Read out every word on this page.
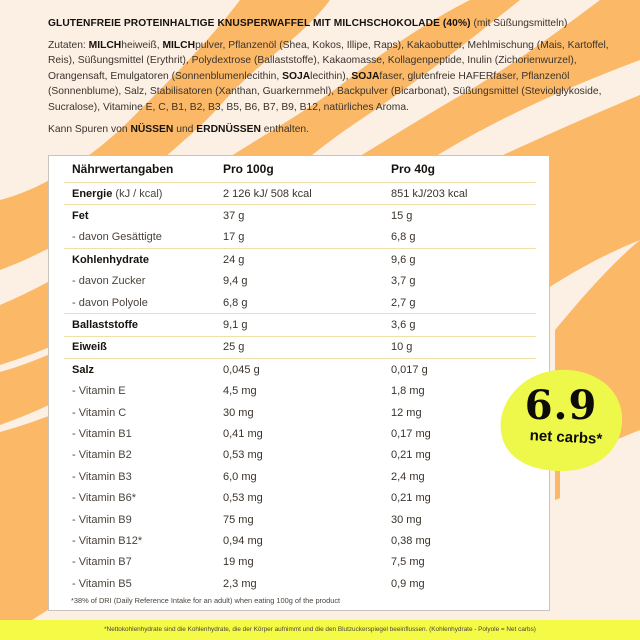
GLUTENFREIE PROTEINHALTIGE KNUSPERWAFFEL MIT MILCHSCHOKOLADE (40%) (mit Süßungsmitteln)

Zutaten: MILCHheiweiß, MILCHpulver, Pflanzenöl (Shea, Kokos, Illipe, Raps), Kakaobutter, Mehlmischung (Mais, Kartoffel, Reis), Süßungsmittel (Erythrit), Polydextrose (Ballaststoffe), Kakaomasse, Kollagenpeptide, Inulin (Zichorienwurzel), Orangensaft, Emulgatoren (Sonnenblumenlecithin, SOJAlecithin), SOJAfaser, glutenfreie HAFERfaser, Pflanzenöl (Sonnenblume), Salz, Stabilisatoren (Xanthan, Guarkernmehl), Backpulver (Bicarbonat), Süßungsmittel (Steviolglykoside, Sucralose), Vitamine E, C, B1, B2, B3, B5, B6, B7, B9, B12, natürliches Aroma.

Kann Spuren von NÜSSEN und ERDNÜSSEN enthalten.

Nährwertangaben	Pro 100g	Pro 40g
Energie (kJ / kcal)	2 126 kJ/ 508 kcal	851 kJ/203 kcal
Fet	37 g	15 g
- davon Gesättigte	17 g	6,8 g
Kohlenhydrate	24 g	9,6 g
- davon Zucker	9,4 g	3,7 g
- davon Polyole	6,8 g	2,7 g
Ballaststoffe	9,1 g	3,6 g
Eiweiß	25 g	10 g
Salz	0,045 g	0,017 g
- Vitamin E	4,5 mg	1,8 mg
- Vitamin C	30 mg	12 mg
- Vitamin B1	0,41 mg	0,17 mg
- Vitamin B2	0,53 mg	0,21 mg
- Vitamin B3	6,0 mg	2,4 mg
- Vitamin B6*	0,53 mg	0,21 mg
- Vitamin B9	75 mg	30 mg
- Vitamin B12*	0,94 mg	0,38 mg
- Vitamin B7	19 mg	7,5 mg
- Vitamin B5	2,3 mg	0,9 mg
*38% of DRI (Daily Reference Intake for an adult) when eating 100g of the product
6.9
net carbs*
*Nettokohlenhydrate sind die Kohlenhydrate, die der Körper aufnimmt und die den Blutzuckerspiegel beeinflussen. (Kohlenhydrate - Polyole = Net carbs)
